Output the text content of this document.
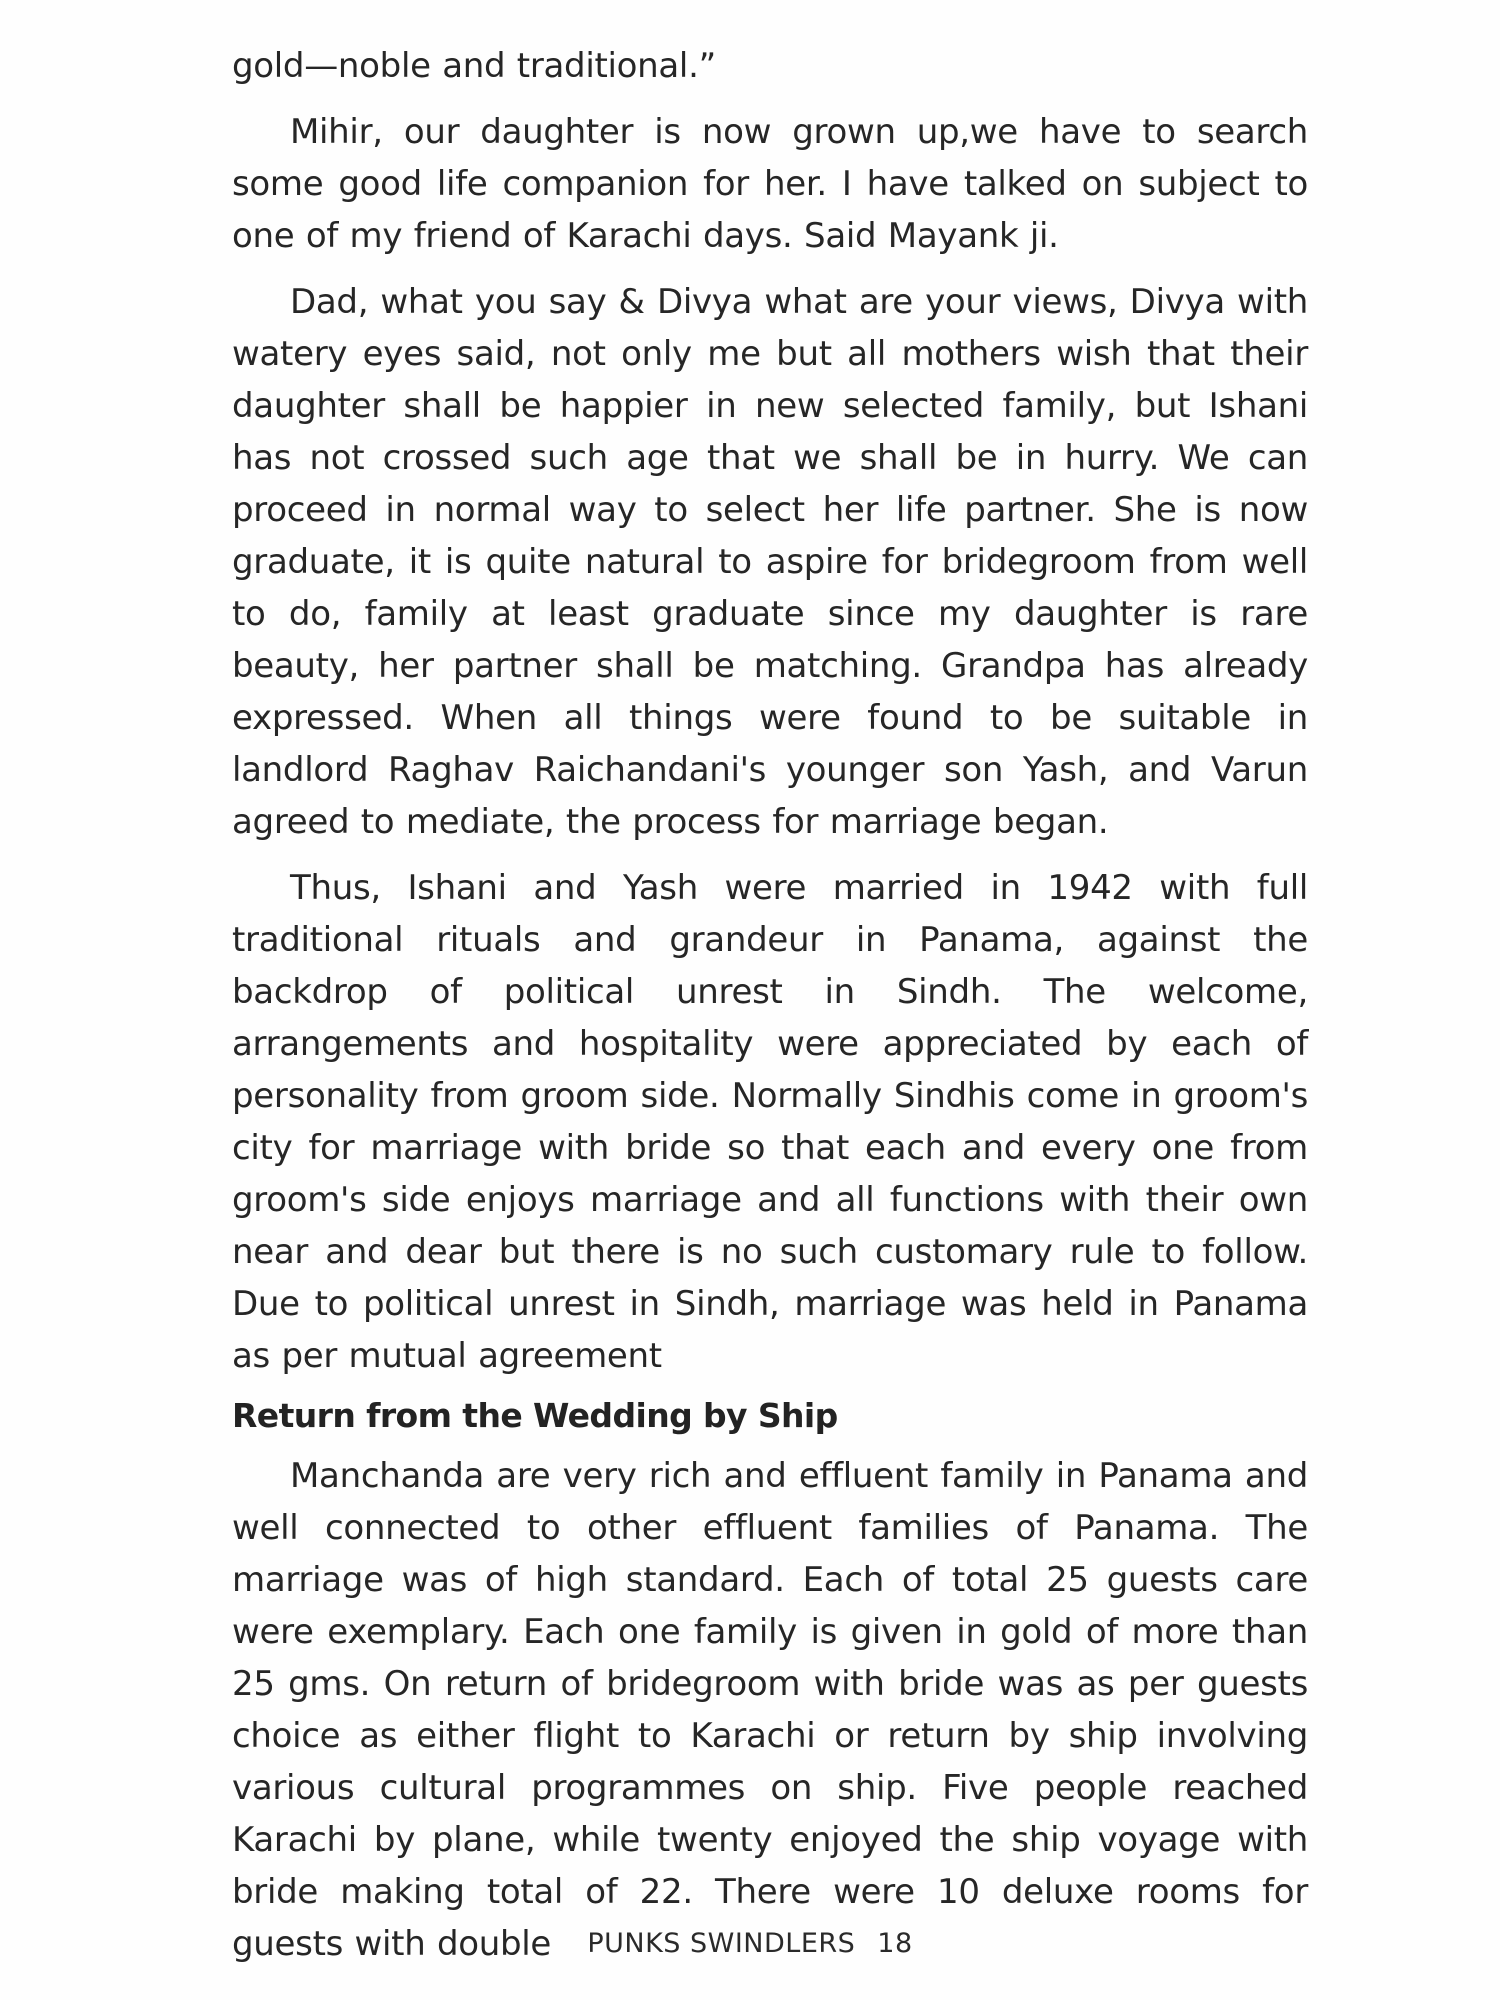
gold—noble and traditional.”

Mihir, our daughter is now grown up,we have to search some good life companion for her. I have talked on subject to one of my friend of Karachi days. Said Mayank ji.

Dad, what you say & Divya what are your views, Divya with watery eyes said, not only me but all mothers wish that their daughter shall be happier in new selected family, but Ishani has not crossed such age that we shall be in hurry. We can proceed in normal way to select her life partner. She is now graduate, it is quite natural to aspire for bridegroom from well to do, family at least graduate since my daughter is rare beauty, her partner shall be matching. Grandpa has already expressed. When all things were found to be suitable in landlord Raghav Raichandani's younger son Yash, and Varun agreed to mediate, the process for marriage began.

Thus, Ishani and Yash were married in 1942 with full traditional rituals and grandeur in Panama, against the backdrop of political unrest in Sindh. The welcome, arrangements and hospitality were appreciated by each of personality from groom side. Normally Sindhis come in groom's city for marriage with bride so that each and every one from groom's side enjoys marriage and all functions with their own near and dear but there is no such customary rule to follow. Due to political unrest in Sindh, marriage was held in Panama as per mutual agreement

Return from the Wedding by Ship

Manchanda are very rich and effluent family in Panama and well connected to other effluent families of Panama. The marriage was of high standard. Each of total 25 guests care were exemplary. Each one family is given in gold of more than 25 gms. On return of bridegroom with bride was as per guests choice as either flight to Karachi or return by ship involving various cultural programmes on ship. Five people reached Karachi by plane, while twenty enjoyed the ship voyage with bride making total of 22. There were 10 deluxe rooms for guests with double	PUNKS SWINDLERS 18
